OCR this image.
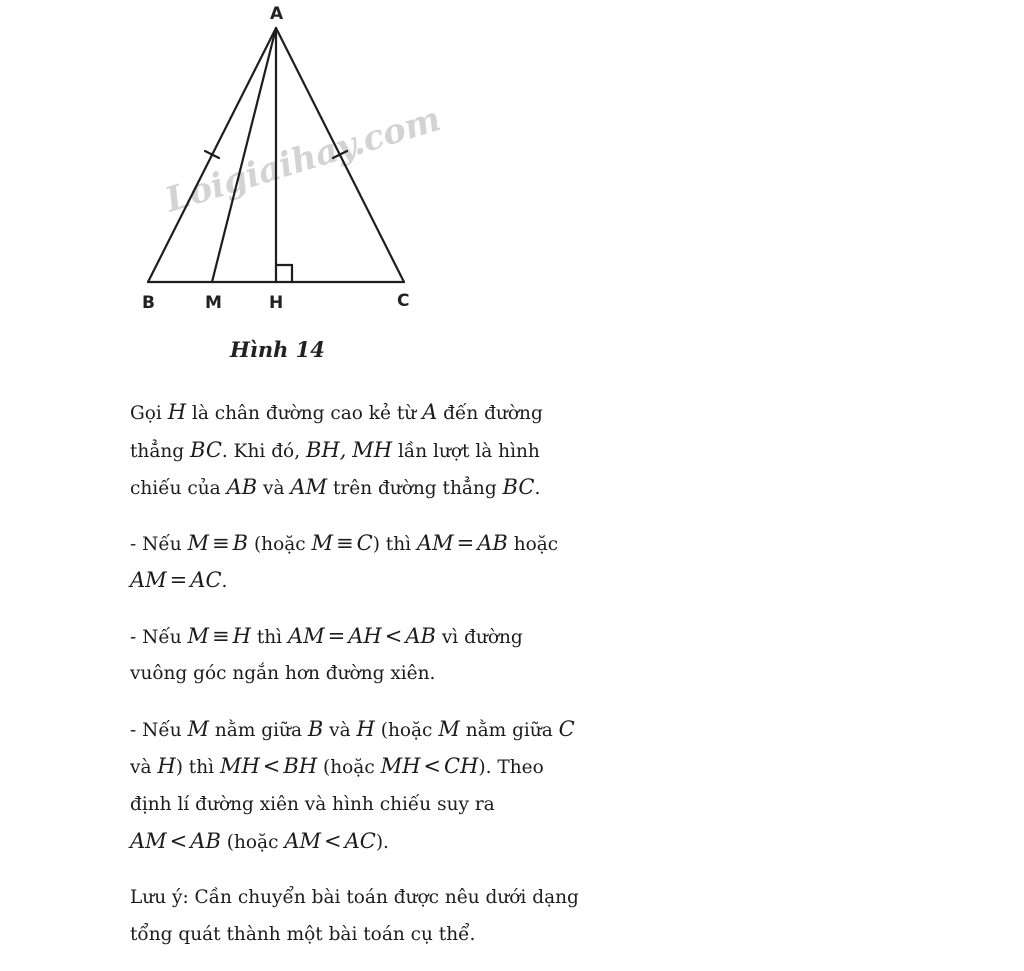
Loigiaihay.com
A
B	M	H	C
Hình 14
Gọi H là chân đường cao kẻ từ A đến đường
thẳng BC. Khi đó, BH, MH lần lượt là hình
chiếu của AB và AM trên đường thẳng BC.
- Nếu M ≡ B (hoặc M ≡ C) thì AM = AB hoặc
AM = AC.
- Nếu M ≡ H thì AM = AH < AB vì đường
vuông góc ngắn hơn đường xiên.
- Nếu M nằm giữa B và H (hoặc M nằm giữa C
và H) thì MH < BH (hoặc MH < CH). Theo
định lí đường xiên và hình chiếu suy ra
AM < AB (hoặc AM < AC).
Lưu ý: Cần chuyển bài toán được nêu dưới dạng
tổng quát thành một bài toán cụ thể.
